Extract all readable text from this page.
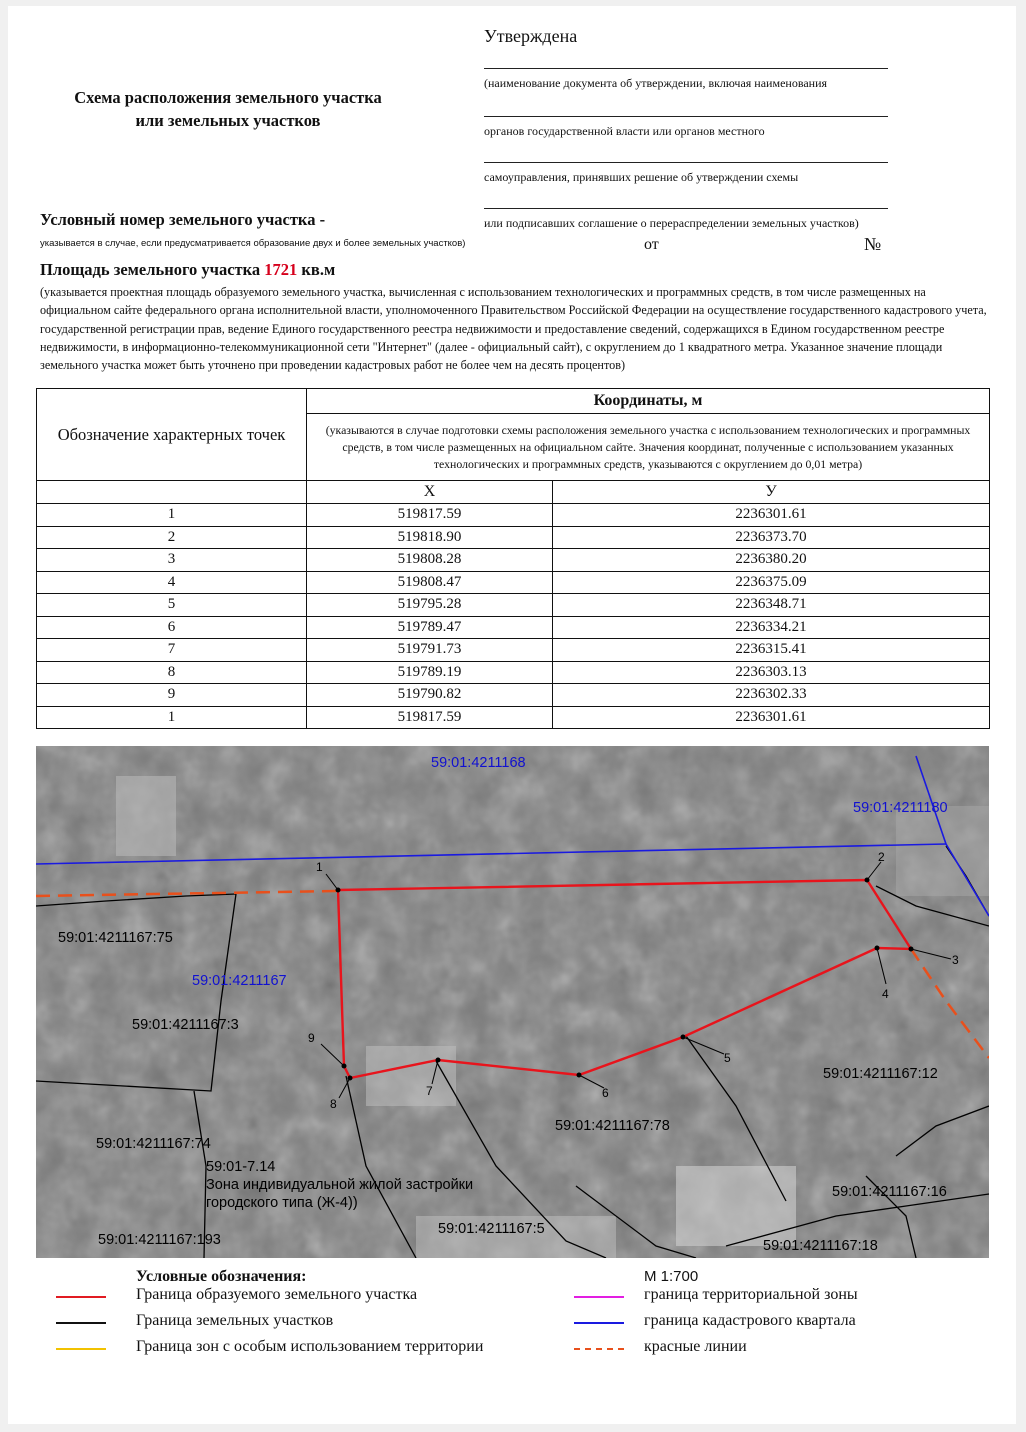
Схема расположения земельного участка
или земельных участков
Утверждена
(наименование документа об утверждении, включая наименования
органов государственной власти или органов местного
самоуправления, принявших решение об утверждении схемы
или подписавших соглашение о перераспределении земельных участков)
Условный номер земельного участка -
указывается в случае, если предусматривается образование двух и более земельных участков)	от	№
Площадь земельного участка 1721 кв.м
(указывается проектная площадь образуемого земельного участка, вычисленная с использованием технологических и программных средств, в том числе размещенных на официальном сайте федерального органа исполнительной власти, уполномоченного Правительством Российской Федерации на осуществление государственного кадастрового учета, государственной регистрации прав, ведение Единого государственного реестра недвижимости и предоставление сведений, содержащихся в Едином государственном реестре недвижимости, в информационно-телекоммуникационной сети "Интернет" (далее - официальный сайт), с округлением до 1 квадратного метра. Указанное значение площади земельного участка может быть уточнено при проведении кадастровых работ не более чем на десять процентов)
Обозначение характерных точек	Координаты, м	
	(указываются в случае подготовки схемы расположения земельного участка с использованием технологических и программных средств, в том числе размещенных на официальном сайте. Значения координат, полученные с использованием указанных технологических и программных средств, указываются с округлением до 0,01 метра)	
	X	У
1	519817.59	2236301.61
2	519818.90	2236373.70
3	519808.28	2236380.20
4	519808.47	2236375.09
5	519795.28	2236348.71
6	519789.47	2236334.21
7	519791.73	2236315.41
8	519789.19	2236303.13
9	519790.82	2236302.33
1	519817.59	2236301.61
1
2
3
4
5
6
7
8
9
59:01:4211168
59:01:4211180
59:01:4211167:75
59:01:4211167
59:01:4211167:3
59:01:4211167:12
59:01:4211167:78
59:01:4211167:74
59:01-7.14
Зона индивидуальной жилой застройки
городского типа (Ж-4))
59:01:4211167:16
59:01:4211167:5
59:01:4211167:193	59:01:4211167:18
Условные обозначения:	М 1:700
Граница образуемого земельного участка
Граница земельных участков
Граница зон с особым использованием территории
граница территориальной зоны
граница кадастрового квартала
красные линии
